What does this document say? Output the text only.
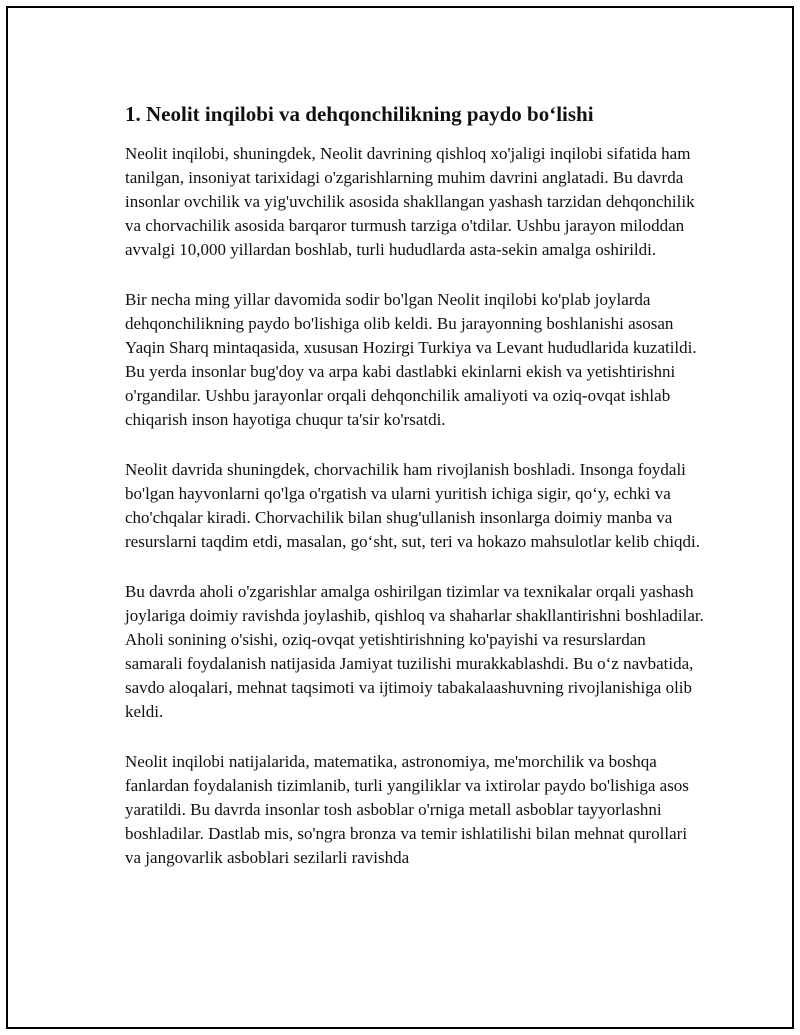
1. Neolit inqilobi va dehqonchilikning paydo bo‘lishi

Neolit inqilobi, shuningdek, Neolit davrining qishloq xo'jaligi inqilobi sifatida ham tanilgan, insoniyat tarixidagi o'zgarishlarning muhim davrini anglatadi. Bu davrda insonlar ovchilik va yig'uvchilik asosida shakllangan yashash tarzidan dehqonchilik va chorvachilik asosida barqaror turmush tarziga o'tdilar. Ushbu jarayon miloddan avvalgi 10,000 yillardan boshlab, turli hududlarda asta-sekin amalga oshirildi.

Bir necha ming yillar davomida sodir bo'lgan Neolit inqilobi ko'plab joylarda dehqonchilikning paydo bo'lishiga olib keldi. Bu jarayonning boshlanishi asosan Yaqin Sharq mintaqasida, xususan Hozirgi Turkiya va Levant hududlarida kuzatildi. Bu yerda insonlar bug'doy va arpa kabi dastlabki ekinlarni ekish va yetishtirishni o'rgandilar. Ushbu jarayonlar orqali dehqonchilik amaliyoti va oziq-ovqat ishlab chiqarish inson hayotiga chuqur ta'sir ko'rsatdi.

Neolit davrida shuningdek, chorvachilik ham rivojlanish boshladi. Insonga foydali bo'lgan hayvonlarni qo'lga o'rgatish va ularni yuritish ichiga sigir, qo‘y, echki va cho'chqalar kiradi. Chorvachilik bilan shug'ullanish insonlarga doimiy manba va resurslarni taqdim etdi, masalan, go‘sht, sut, teri va hokazo mahsulotlar kelib chiqdi.

Bu davrda aholi o'zgarishlar amalga oshirilgan tizimlar va texnikalar orqali yashash joylariga doimiy ravishda joylashib, qishloq va shaharlar shakllantirishni boshladilar. Aholi sonining o'sishi, oziq-ovqat yetishtirishning ko'payishi va resurslardan samarali foydalanish natijasida Jamiyat tuzilishi murakkablashdi. Bu o‘z navbatida, savdo aloqalari, mehnat taqsimoti va ijtimoiy tabakalaashuvning rivojlanishiga olib keldi.

Neolit inqilobi natijalarida, matematika, astronomiya, me'morchilik va boshqa fanlardan foydalanish tizimlanib, turli yangiliklar va ixtirolar paydo bo'lishiga asos yaratildi. Bu davrda insonlar tosh asboblar o'rniga metall asboblar tayyorlashni boshladilar. Dastlab mis, so'ngra bronza va temir ishlatilishi bilan mehnat qurollari va jangovarlik asboblari sezilarli ravishda
